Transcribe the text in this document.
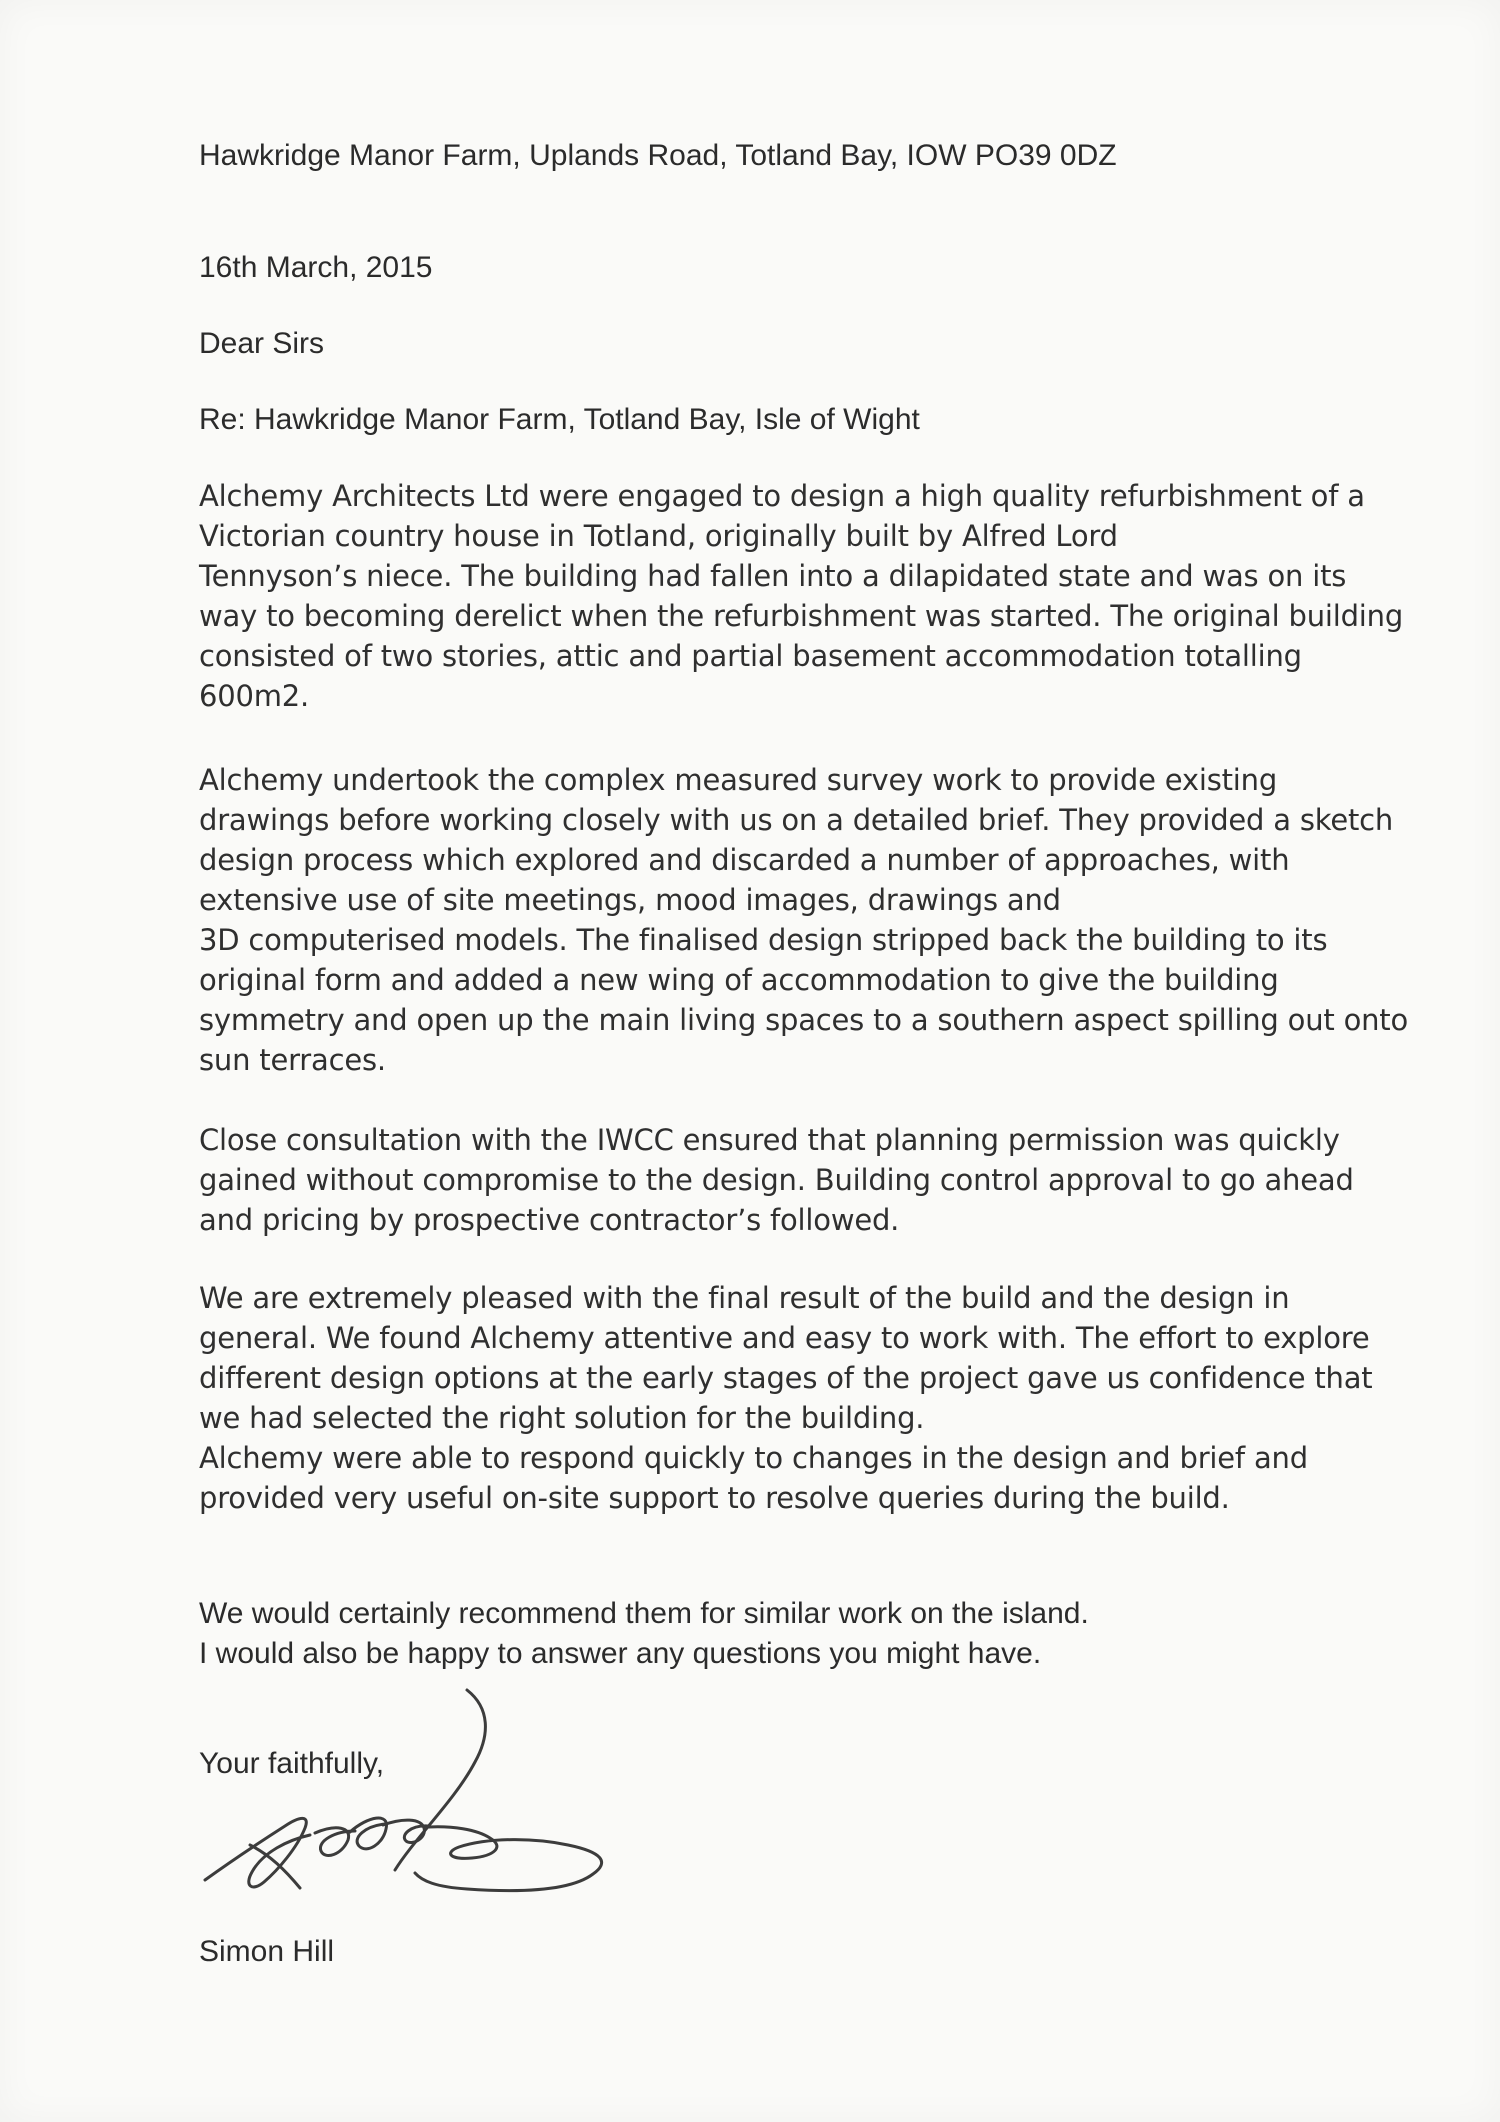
Hawkridge Manor Farm, Uplands Road, Totland Bay, IOW PO39 0DZ
16th March, 2015
Dear Sirs
Re: Hawkridge Manor Farm, Totland Bay, Isle of Wight
Alchemy Architects Ltd were engaged to design a high quality refurbishment of a
Victorian country house in Totland, originally built by Alfred Lord
Tennyson’s niece. The building had fallen into a dilapidated state and was on its
way to becoming derelict when the refurbishment was started. The original building
consisted of two stories, attic and partial basement accommodation totalling
600m2.
Alchemy undertook the complex measured survey work to provide existing
drawings before working closely with us on a detailed brief. They provided a sketch
design process which explored and discarded a number of approaches, with
extensive use of site meetings, mood images, drawings and
3D computerised models. The finalised design stripped back the building to its
original form and added a new wing of accommodation to give the building
symmetry and open up the main living spaces to a southern aspect spilling out onto
sun terraces.
Close consultation with the IWCC ensured that planning permission was quickly
gained without compromise to the design. Building control approval to go ahead
and pricing by prospective contractor’s followed.
We are extremely pleased with the final result of the build and the design in
general. We found Alchemy attentive and easy to work with. The effort to explore
different design options at the early stages of the project gave us confidence that
we had selected the right solution for the building.
Alchemy were able to respond quickly to changes in the design and brief and
provided very useful on-site support to resolve queries during the build.
We would certainly recommend them for similar work on the island.
I would also be happy to answer any questions you might have.
Your faithfully,
Simon Hill
